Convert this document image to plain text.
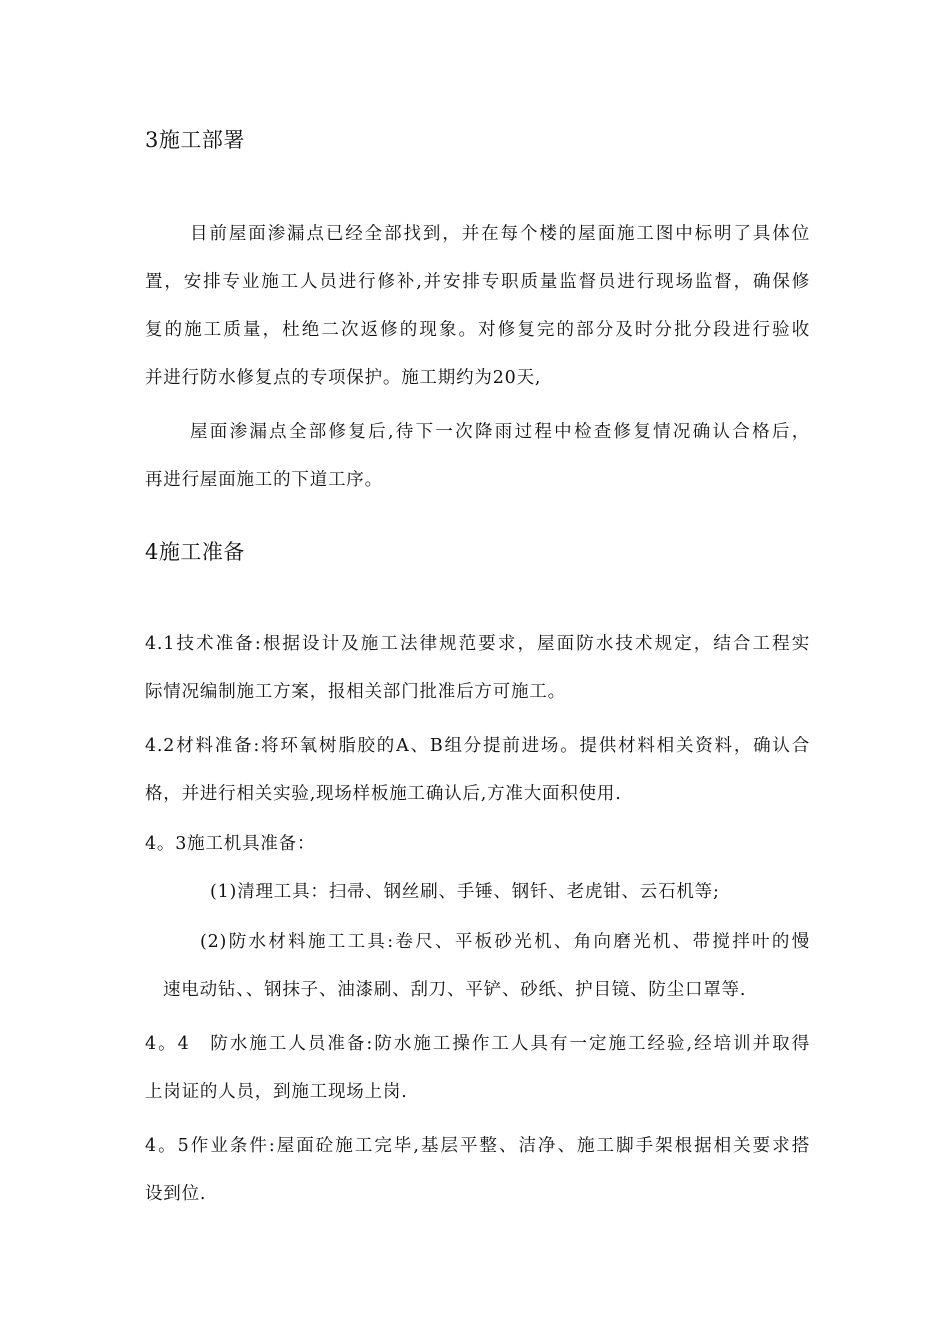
3施工部署
目前屋面渗漏点已经全部找到，并在每个楼的屋面施工图中标明了具体位
置，安排专业施工人员进行修补,并安排专职质量监督员进行现场监督，确保修
复的施工质量，杜绝二次返修的现象。对修复完的部分及时分批分段进行验收
并进行防水修复点的专项保护。施工期约为20天,
屋面渗漏点全部修复后,待下一次降雨过程中检查修复情况确认合格后，
再进行屋面施工的下道工序。
4施工准备
4.1技术准备:根据设计及施工法律规范要求，屋面防水技术规定，结合工程实
际情况编制施工方案，报相关部门批准后方可施工。
4.2材料准备:将环氧树脂胶的A、B组分提前进场。提供材料相关资料，确认合
格，并进行相关实验,现场样板施工确认后,方准大面积使用.
4。3施工机具准备：
(1)清理工具：扫帚、钢丝刷、手锤、钢钎、老虎钳、云石机等;
(2)防水材料施工工具:卷尺、平板砂光机、角向磨光机、带搅拌叶的慢
速电动钻、、钢抹子、油漆刷、刮刀、平铲、砂纸、护目镜、防尘口罩等.
4。4　防水施工人员准备:防水施工操作工人具有一定施工经验,经培训并取得
上岗证的人员，到施工现场上岗.
4。5作业条件:屋面砼施工完毕,基层平整、洁净、施工脚手架根据相关要求搭
设到位.
